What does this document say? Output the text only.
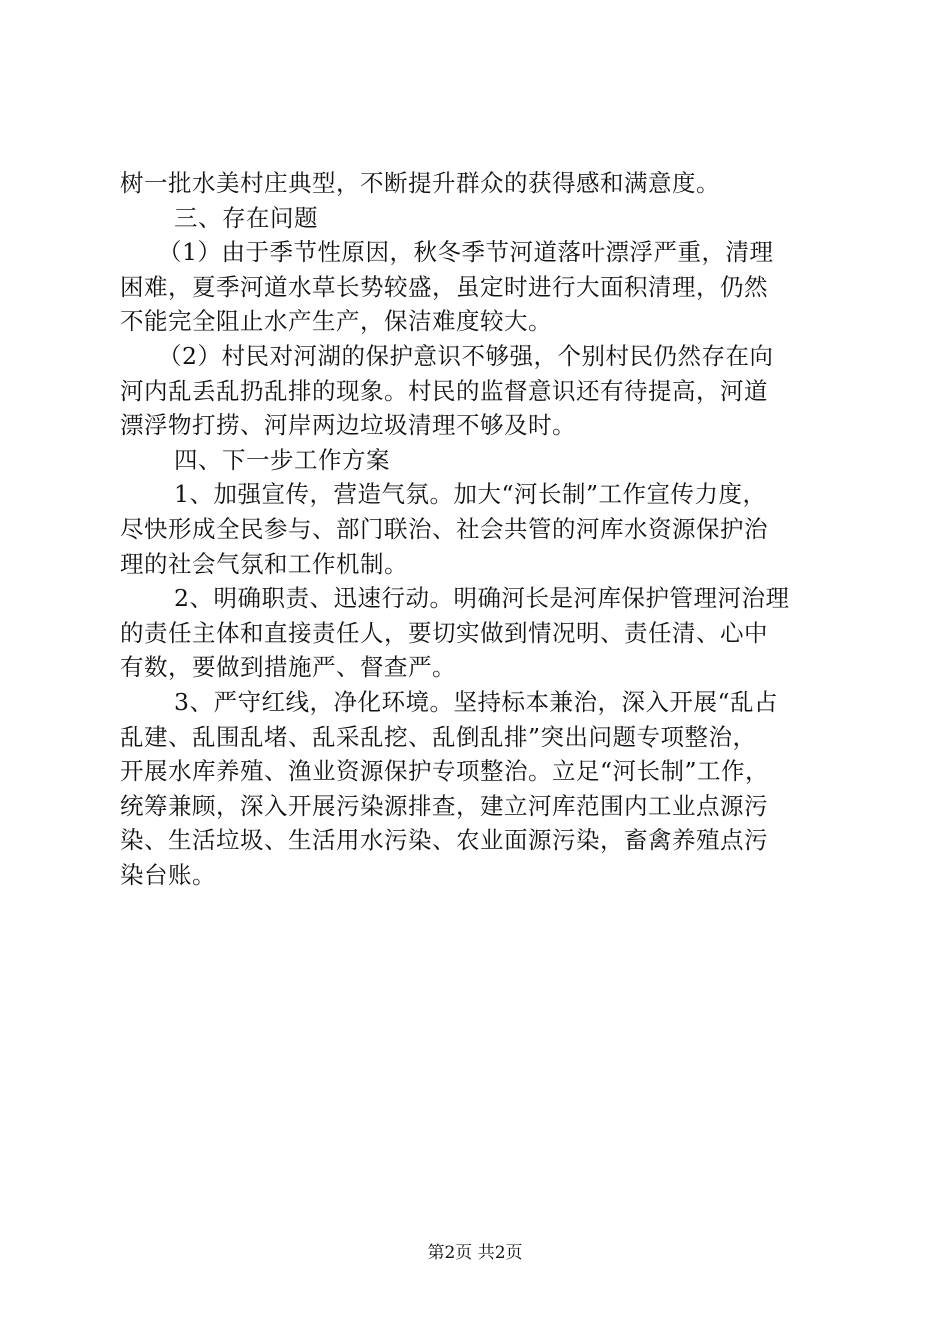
树一批水美村庄典型，不断提升群众的获得感和满意度。
三、存在问题
（1）由于季节性原因，秋冬季节河道落叶漂浮严重，清理
困难，夏季河道水草长势较盛，虽定时进行大面积清理，仍然
不能完全阻止水产生产，保洁难度较大。
（2）村民对河湖的保护意识不够强，个别村民仍然存在向
河内乱丢乱扔乱排的现象。村民的监督意识还有待提高，河道
漂浮物打捞、河岸两边垃圾清理不够及时。
四、下一步工作方案
1、加强宣传，营造气氛。加大“河长制”工作宣传力度，
尽快形成全民参与、部门联治、社会共管的河库水资源保护治
理的社会气氛和工作机制。
2、明确职责、迅速行动。明确河长是河库保护管理河治理
的责任主体和直接责任人，要切实做到情况明、责任清、心中
有数，要做到措施严、督查严。
3、严守红线，净化环境。坚持标本兼治，深入开展“乱占
乱建、乱围乱堵、乱采乱挖、乱倒乱排”突出问题专项整治，
开展水库养殖、渔业资源保护专项整治。立足“河长制”工作，
统筹兼顾，深入开展污染源排查，建立河库范围内工业点源污
染、生活垃圾、生活用水污染、农业面源污染，畜禽养殖点污
染台账。
第2页 共2页
